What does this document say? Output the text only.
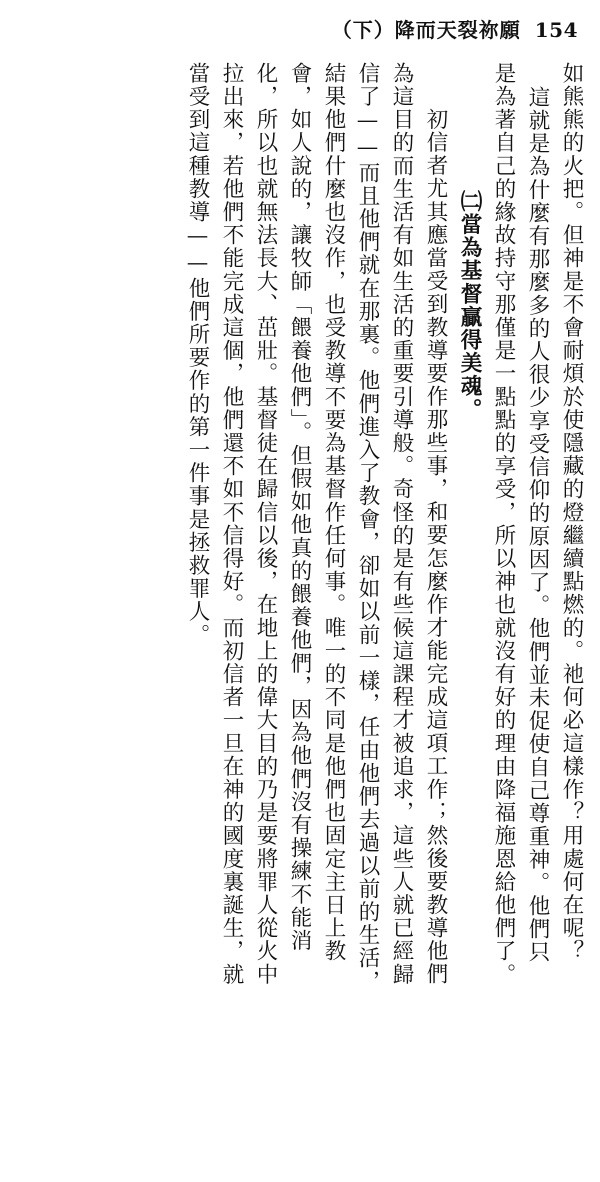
（下）降而天裂祢願 154
如熊熊的火把。但神是不會耐煩於使隱藏的燈繼續點燃的。祂何必這樣作？用處何在呢？
這就是為什麼有那麼多的人很少享受信仰的原因了。他們並未促使自己尊重神。他們只
是為著自己的緣故持守那僅是一點點的享受，所以神也就沒有好的理由降福施恩給他們了。
㈡當為基督贏得美魂。
初信者尤其應當受到教導要作那些事，和要怎麼作才能完成這項工作；然後要教導他們
為這目的而生活有如生活的重要引導般。奇怪的是有些候這課程才被追求，這些人就已經歸
信了——而且他們就在那裏。他們進入了教會，卻如以前一樣，任由他們去過以前的生活，
結果他們什麼也沒作，也受教導不要為基督作任何事。唯一的不同是他們也固定主日上教
會，如人說的，讓牧師「餵養他們」。但假如他真的餵養他們，因為他們沒有操練不能消
化，所以也就無法長大、茁壯。基督徒在歸信以後，在地上的偉大目的乃是要將罪人從火中
拉出來，若他們不能完成這個，他們還不如不信得好。而初信者一旦在神的國度裏誕生，就
當受到這種教導——他們所要作的第一件事是拯救罪人。
